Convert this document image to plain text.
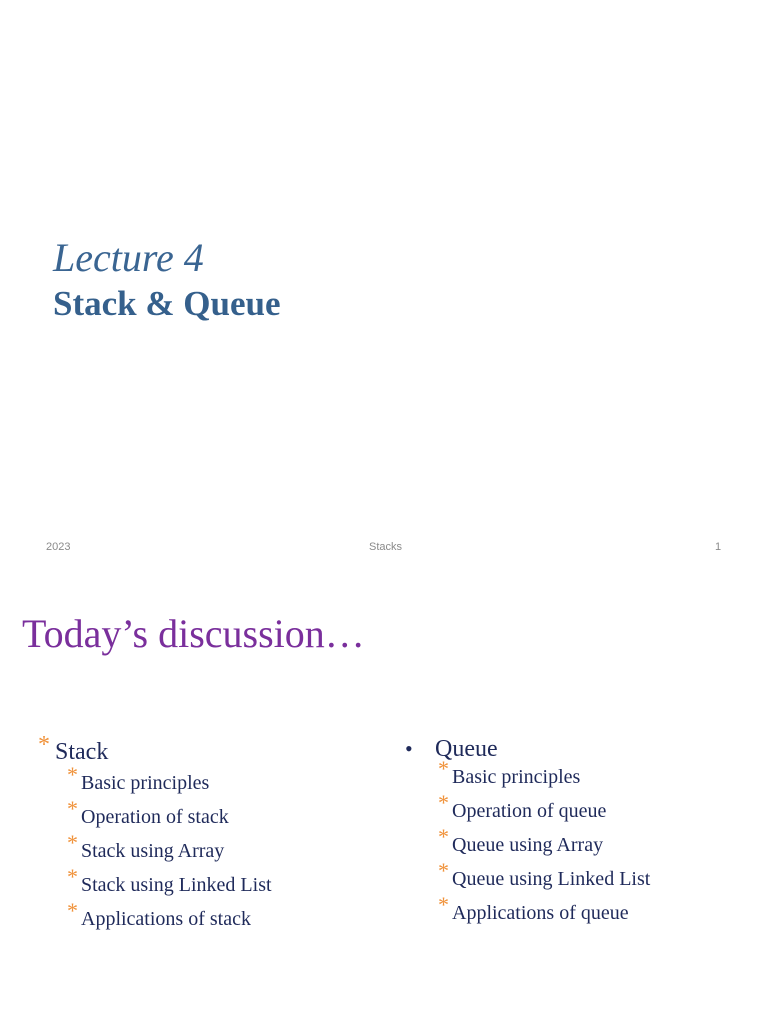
Lecture 4
Stack & Queue
2023	Stacks	1
Today’s discussion…
* Stack
* Basic principles
* Operation of stack
* Stack using Array
* Stack using Linked List
* Applications of stack
• Queue
* Basic principles
* Operation of queue
* Queue using Array
* Queue using Linked List
* Applications of queue
